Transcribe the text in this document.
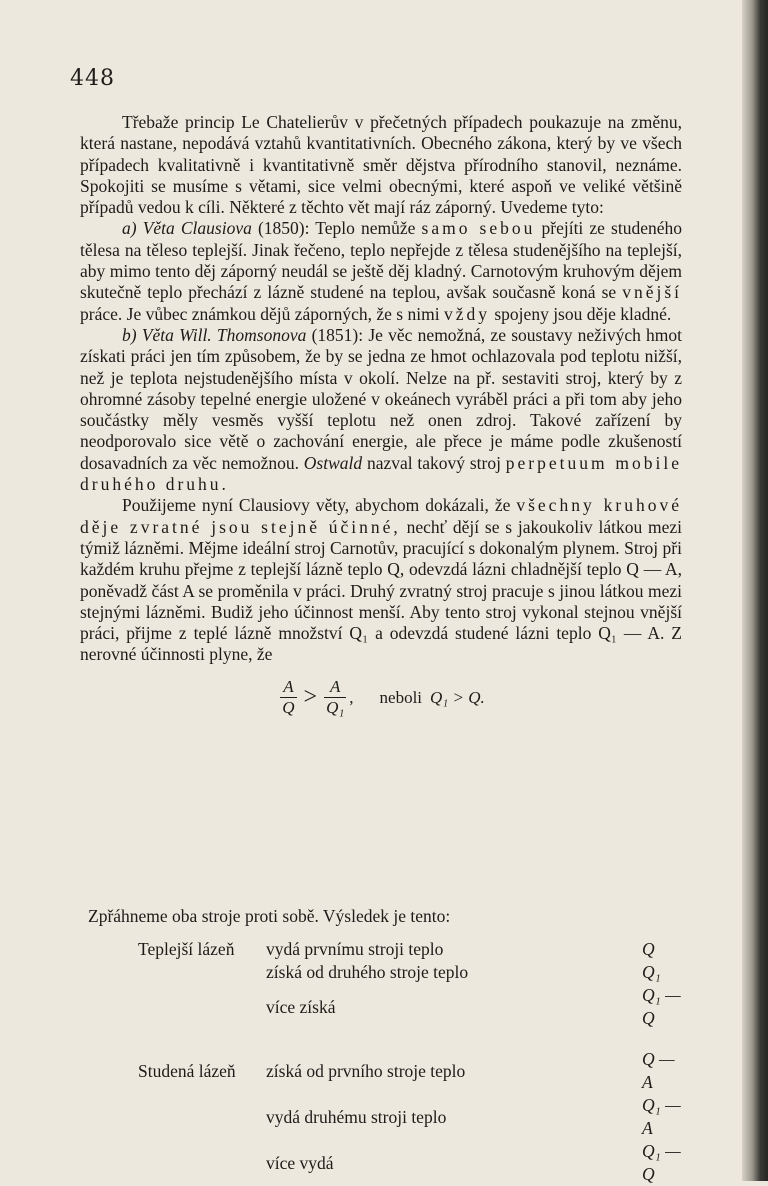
448

Třebaže princip Le Chatelierův v přečetných případech poukazuje na změnu, která nastane, nepodává vztahů kvantitativních. Obecného zákona, který by ve všech případech kvalitativně i kvantitativně směr dějstva přírodního stanovil, neznáme. Spokojiti se musíme s větami, sice velmi obecnými, které aspoň ve veliké většině případů vedou k cíli. Některé z těchto vět mají ráz záporný. Uvedeme tyto:

a) Věta Clausiova (1850): Teplo nemůže samo sebou přejíti ze studeného tělesa na těleso teplejší. Jinak řečeno, teplo nepřejde z tělesa studenějšího na teplejší, aby mimo tento děj záporný neudál se ještě děj kladný. Carnotovým kruhovým dějem skutečně teplo přechází z lázně studené na teplou, avšak současně koná se vnější práce. Je vůbec známkou dějů záporných, že s nimi vždy spojeny jsou děje kladné.

b) Věta Will. Thomsonova (1851): Je věc nemožná, ze soustavy neživých hmot získati práci jen tím způsobem, že by se jedna ze hmot ochlazovala pod teplotu nižší, než je teplota nejstudenějšího místa v okolí. Nelze na př. sestaviti stroj, který by z ohromné zásoby tepelné energie uložené v okeánech vyráběl práci a při tom aby jeho součástky měly vesměs vyšší teplotu než onen zdroj. Takové zařízení by neodporovalo sice větě o zachování energie, ale přece je máme podle zkušeností dosavadních za věc nemožnou. Ostwald nazval takový stroj perpetuum mobile druhého druhu.

Použijeme nyní Clausiovy věty, abychom dokázali, že všechny kruhové děje zvratné jsou stejně účinné, nechť dějí se s jakoukoliv látkou mezi týmiž lázněmi. Mějme ideální stroj Carnotův, pracující s dokonalým plynem. Stroj při každém kruhu přejme z teplejší lázně teplo Q, odevzdá lázni chladnější teplo Q — A, poněvadž část A se proměnila v práci. Druhý zvratný stroj pracuje s jinou látkou mezi stejnými lázněmi. Budiž jeho účinnost menší. Aby tento stroj vykonal stejnou vnější práci, přijme z teplé lázně množství Q₁ a odevzdá studené lázni teplo Q₁ — A. Z nerovné účinnosti plyne, že

$\frac{A}{Q} > \frac{A}{\text{Q₁}}$ , neboli Q₁ > Q.
Zpřáhneme oba stroje proti sobě. Výsledek je tento:
Teplejší lázeň	vydá prvnímu stroji teplo	Q
	získá od druhého stroje teplo	Q₁
	více získá	Q₁ — Q

Studená lázeň	získá od prvního stroje teplo	Q — A
	vydá druhému stroji teplo	Q₁ — A
	více vydá	Q₁ — Q
